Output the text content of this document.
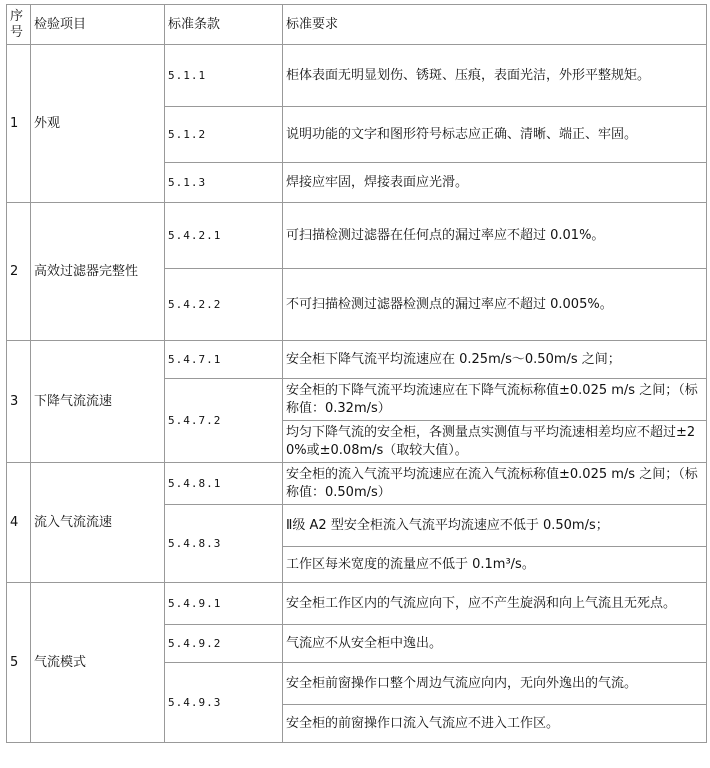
序号	检验项目	标准条款	标准要求
1	外观	5.1.1	柜体表面无明显划伤、锈斑、压痕，表面光洁，外形平整规矩。
		5.1.2	说明功能的文字和图形符号标志应正确、清晰、端正、牢固。
		5.1.3	焊接应牢固，焊接表面应光滑。
2	高效过滤器完整性	5.4.2.1	可扫描检测过滤器在任何点的漏过率应不超过 0.01%。
		5.4.2.2	不可扫描检测过滤器检测点的漏过率应不超过 0.005%。
3	下降气流流速	5.4.7.1	安全柜下降气流平均流速应在 0.25m/s～0.50m/s 之间；
		5.4.7.2	安全柜的下降气流平均流速应在下降气流标称值±0.025 m/s 之间；（标称值：0.32m/s）
			均匀下降气流的安全柜，各测量点实测值与平均流速相差均应不超过±20%或±0.08m/s（取较大值）。
4	流入气流流速	5.4.8.1	安全柜的流入气流平均流速应在流入气流标称值±0.025 m/s 之间；（标称值：0.50m/s）
		5.4.8.3	Ⅱ级 A2 型安全柜流入气流平均流速应不低于 0.50m/s；
			工作区每米宽度的流量应不低于 0.1m³/s。
5	气流模式	5.4.9.1	安全柜工作区内的气流应向下，应不产生旋涡和向上气流且无死点。
		5.4.9.2	气流应不从安全柜中逸出。
		5.4.9.3	安全柜前窗操作口整个周边气流应向内，无向外逸出的气流。
			安全柜的前窗操作口流入气流应不进入工作区。
